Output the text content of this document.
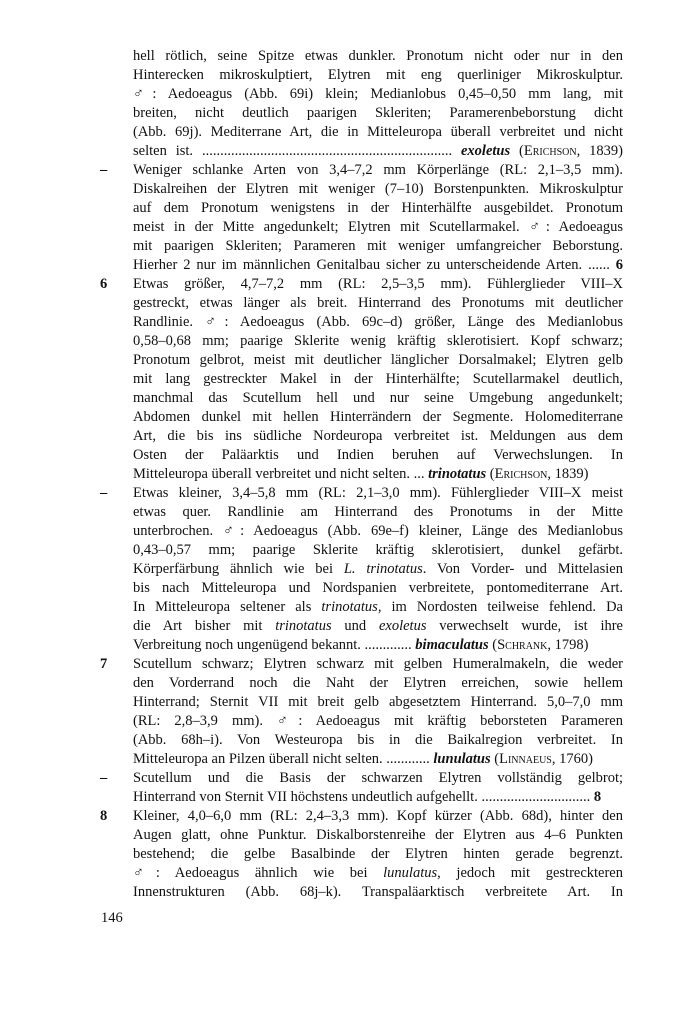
hell rötlich, seine Spitze etwas dunkler. Pronotum nicht oder nur in den
Hinterecken mikroskulptiert, Elytren mit eng querliniger Mikroskulptur.
♂: Aedoeagus (Abb. 69i) klein; Medianlobus 0,45–0,50 mm lang, mit
breiten, nicht deutlich paarigen Skleriten; Paramerenbeborstung dicht
(Abb. 69j). Mediterrane Art, die in Mitteleuropa überall verbreitet und nicht
selten ist. ..................................................................... exoletus (Erichson, 1839)
–	Weniger schlanke Arten von 3,4–7,2 mm Körperlänge (RL: 2,1–3,5 mm).
Diskalreihen der Elytren mit weniger (7–10) Borstenpunkten. Mikroskulptur
auf dem Pronotum wenigstens in der Hinterhälfte ausgebildet. Pronotum
meist in der Mitte angedunkelt; Elytren mit Scutellarmakel. ♂: Aedoeagus
mit paarigen Skleriten; Parameren mit weniger umfangreicher Beborstung.
Hierher 2 nur im männlichen Genitalbau sicher zu unterscheidende Arten. ...... 6
6	Etwas größer, 4,7–7,2 mm (RL: 2,5–3,5 mm). Fühlerglieder VIII–X
gestreckt, etwas länger als breit. Hinterrand des Pronotums mit deutlicher
Randlinie. ♂: Aedoeagus (Abb. 69c–d) größer, Länge des Medianlobus
0,58–0,68 mm; paarige Sklerite wenig kräftig sklerotisiert. Kopf schwarz;
Pronotum gelbrot, meist mit deutlicher länglicher Dorsalmakel; Elytren gelb
mit lang gestreckter Makel in der Hinterhälfte; Scutellarmakel deutlich,
manchmal das Scutellum hell und nur seine Umgebung angedunkelt;
Abdomen dunkel mit hellen Hinterrändern der Segmente. Holomediterrane
Art, die bis ins südliche Nordeuropa verbreitet ist. Meldungen aus dem
Osten der Paläarktis und Indien beruhen auf Verwechslungen. In
Mitteleuropa überall verbreitet und nicht selten. ... trinotatus (Erichson, 1839)
–	Etwas kleiner, 3,4–5,8 mm (RL: 2,1–3,0 mm). Fühlerglieder VIII–X meist
etwas quer. Randlinie am Hinterrand des Pronotums in der Mitte
unterbrochen. ♂: Aedoeagus (Abb. 69e–f) kleiner, Länge des Medianlobus
0,43–0,57 mm; paarige Sklerite kräftig sklerotisiert, dunkel gefärbt.
Körperfärbung ähnlich wie bei L. trinotatus. Von Vorder- und Mittelasien
bis nach Mitteleuropa und Nordspanien verbreitete, pontomediterrane Art.
In Mitteleuropa seltener als trinotatus, im Nordosten teilweise fehlend. Da
die Art bisher mit trinotatus und exoletus verwechselt wurde, ist ihre
Verbreitung noch ungenügend bekannt. ............. bimaculatus (Schrank, 1798)
7	Scutellum schwarz; Elytren schwarz mit gelben Humeralmakeln, die weder
den Vorderrand noch die Naht der Elytren erreichen, sowie hellem
Hinterrand; Sternit VII mit breit gelb abgesetztem Hinterrand. 5,0–7,0 mm
(RL: 2,8–3,9 mm). ♂: Aedoeagus mit kräftig beborsteten Parameren
(Abb. 68h–i). Von Westeuropa bis in die Baikalregion verbreitet. In
Mitteleuropa an Pilzen überall nicht selten. ............ lunulatus (Linnaeus, 1760)
–	Scutellum und die Basis der schwarzen Elytren vollständig gelbrot;
Hinterrand von Sternit VII höchstens undeutlich aufgehellt. .............................. 8
8	Kleiner, 4,0–6,0 mm (RL: 2,4–3,3 mm). Kopf kürzer (Abb. 68d), hinter den
Augen glatt, ohne Punktur. Diskalborstenreihe der Elytren aus 4–6 Punkten
bestehend; die gelbe Basalbinde der Elytren hinten gerade begrenzt.
♂: Aedoeagus ähnlich wie bei lunulatus, jedoch mit gestreckteren
Innenstrukturen (Abb. 68j–k). Transpaläarktisch verbreitete Art. In
146
